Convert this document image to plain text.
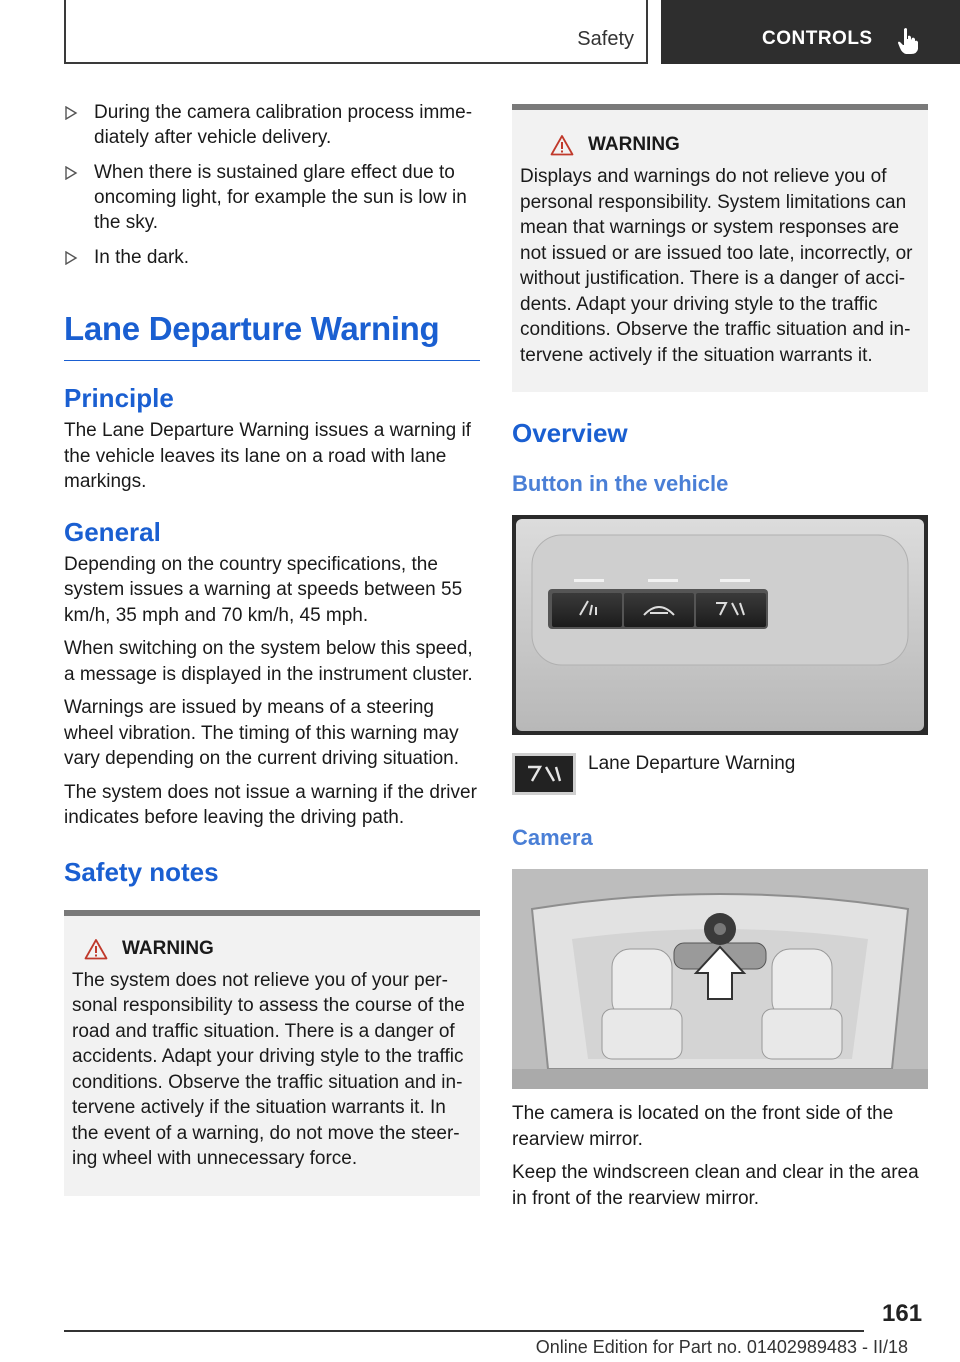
Safety	CONTROLS
During the camera calibration process imme‐diately after vehicle delivery.
When there is sustained glare effect due to oncoming light, for example the sun is low in the sky.
In the dark.
Lane Departure Warning
Principle

The Lane Departure Warning issues a warning if the vehicle leaves its lane on a road with lane markings.

General

Depending on the country specifications, the system issues a warning at speeds between 55 km/h, 35 mph and 70 km/h, 45 mph.

When switching on the system below this speed, a message is displayed in the instrument cluster.

Warnings are issued by means of a steering wheel vibration. The timing of this warning may vary depending on the current driving situation.

The system does not issue a warning if the driver indicates before leaving the driving path.

Safety notes
WARNING

The system does not relieve you of your per‐sonal responsibility to assess the course of the road and traffic situation. There is a danger of accidents. Adapt your driving style to the traffic conditions. Observe the traffic situation and in‐tervene actively if the situation warrants it. In the event of a warning, do not move the steer‐ing wheel with unnecessary force.

WARNING

Displays and warnings do not relieve you of personal responsibility. System limitations can mean that warnings or system responses are not issued or are issued too late, incorrectly, or without justification. There is a danger of acci‐dents. Adapt your driving style to the traffic conditions. Observe the traffic situation and in‐tervene actively if the situation warrants it.

Overview
Button in the vehicle
Lane Departure Warning
Camera

The camera is located on the front side of the rearview mirror.

Keep the windscreen clean and clear in the area in front of the rearview mirror.

161
Online Edition for Part no. 01402989483 - II/18
